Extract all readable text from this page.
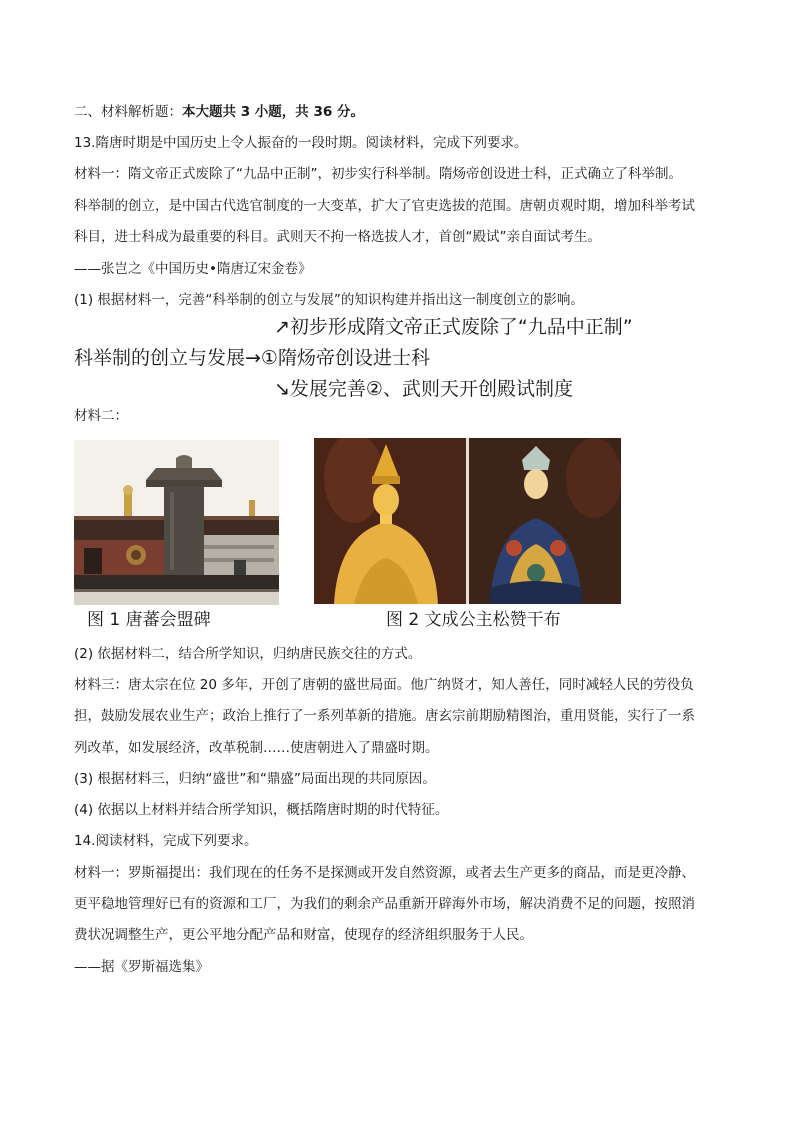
二、材料解析题：本大题共 3 小题，共 36 分。
13.隋唐时期是中国历史上令人振奋的一段时期。阅读材料，完成下列要求。
材料一：隋文帝正式废除了“九品中正制”，初步实行科举制。隋炀帝创设进士科，正式确立了科举制。
科举制的创立，是中国古代选官制度的一大变革，扩大了官吏选拔的范围。唐朝贞观时期，增加科举考试
科目，进士科成为最重要的科目。武则天不拘一格选拔人才，首创“殿试”亲自面试考生。
——张岂之《中国历史•隋唐辽宋金卷》
(1) 根据材料一，完善“科举制的创立与发展”的知识构建并指出这一制度创立的影响。
↗初步形成隋文帝正式废除了“九品中正制”
科举制的创立与发展→①隋炀帝创设进士科
↘发展完善②、武则天开创殿试制度
材料二：
图 1 唐蕃会盟碑	图 2 文成公主松赞干布
(2) 依据材料二，结合所学知识，归纳唐民族交往的方式。
材料三：唐太宗在位 20 多年，开创了唐朝的盛世局面。他广纳贤才，知人善任，同时减轻人民的劳役负
担，鼓励发展农业生产；政治上推行了一系列革新的措施。唐玄宗前期励精图治，重用贤能，实行了一系
列改革，如发展经济，改革税制……使唐朝进入了鼎盛时期。
(3) 根据材料三，归纳“盛世”和“鼎盛”局面出现的共同原因。
(4) 依据以上材料并结合所学知识，概括隋唐时期的时代特征。
14.阅读材料，完成下列要求。
材料一：罗斯福提出：我们现在的任务不是探测或开发自然资源，或者去生产更多的商品，而是更冷静、
更平稳地管理好已有的资源和工厂，为我们的剩余产品重新开辟海外市场，解决消费不足的问题，按照消
费状况调整生产，更公平地分配产品和财富，使现存的经济组织服务于人民。
——据《罗斯福选集》
